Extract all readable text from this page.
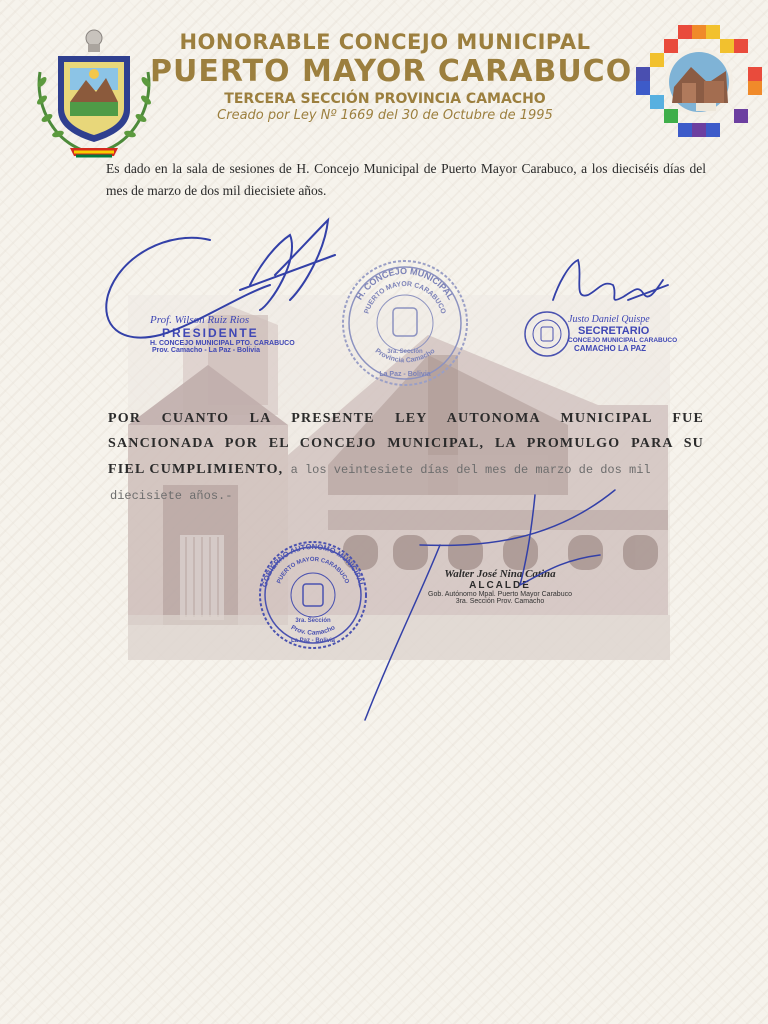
HONORABLE CONCEJO MUNICIPAL
PUERTO MAYOR CARABUCO
TERCERA SECCIÓN PROVINCIA CAMACHO
Creado por Ley Nº 1669 del 30 de Octubre de 1995
Es dado en la sala de sesiones de H. Concejo Municipal de Puerto Mayor Carabuco, a los dieciséis días del mes de marzo de dos mil diecisiete años.
Prof. Wilson Ruiz Rios
PRESIDENTE
H. CONCEJO MUNICIPAL PTO. CARABUCO
Prov. Camacho - La Paz - Bolivia
H. CONCEJO MUNICIPAL
PUERTO MAYOR CARABUCO
Provincia Camacho
3ra. Sección
La Paz - Bolivia
Justo Daniel Quispe
SECRETARIO
CONCEJO MUNICIPAL CARABUCO
CAMACHO LA PAZ
POR CUANTO LA PRESENTE LEY AUTONOMA MUNICIPAL FUE
SANCIONADA POR EL CONCEJO MUNICIPAL, LA PROMULGO PARA SU
FIEL CUMPLIMIENTO, a los veintesiete días del mes de marzo de dos mil
diecisiete años.-
GOBIERNO AUTONOMO MUNICIPAL
PUERTO MAYOR CARABUCO
Prov. Camacho
3ra. Sección
La Paz - Bolivia
Walter José Nina Catina
ALCALDE
Gob. Autónomo Mpal. Puerto Mayor Carabuco
3ra. Sección Prov. Camacho
